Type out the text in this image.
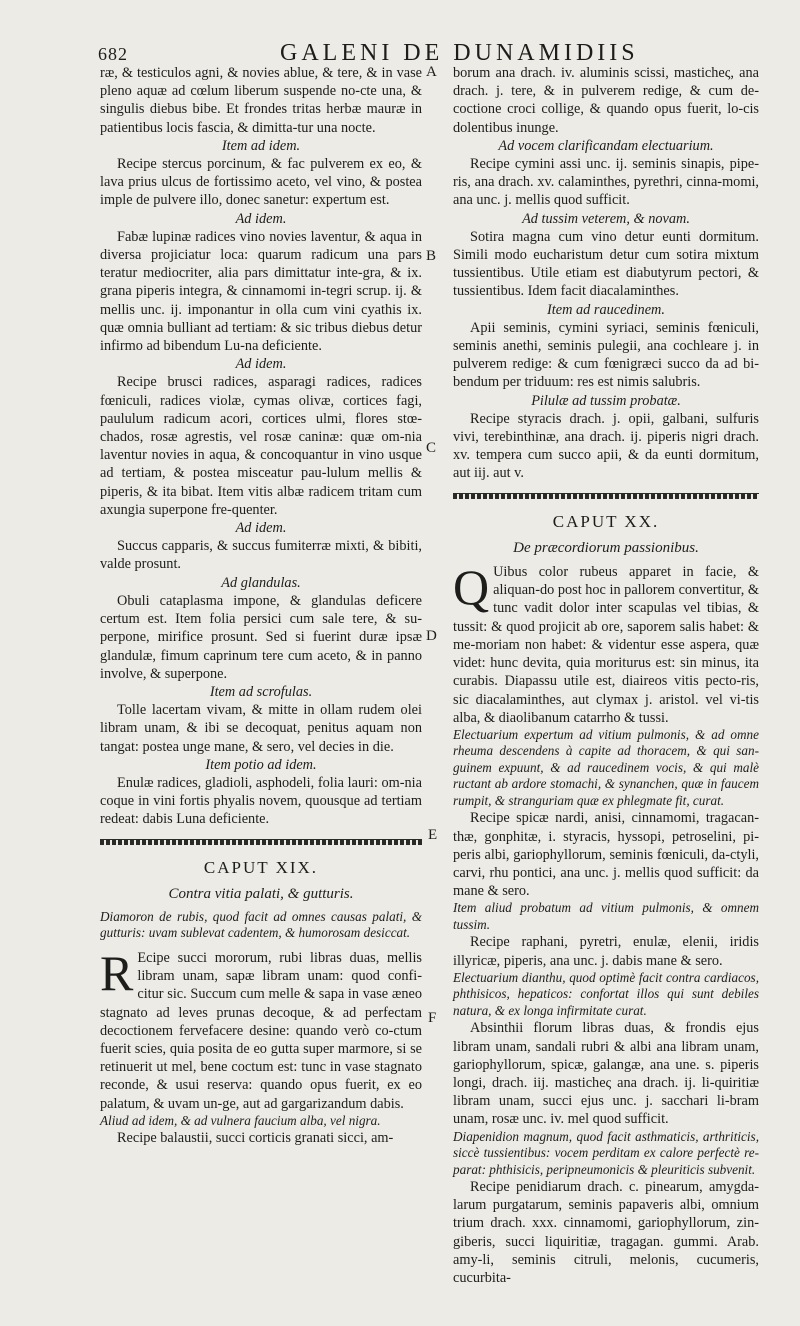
682	GALENI DE DUNAMIDIIS
A
B
C
D
E
F

ræ, & testiculos agni, & novies ablue, & tere, & in vase pleno aquæ ad cœlum liberum suspende no-cte una, & singulis diebus bibe. Et frondes tritas herbæ mauræ in patientibus locis fascia, & dimitta-tur una nocte.

Item ad idem.

Recipe stercus porcinum, & fac pulverem ex eo, & lava prius ulcus de fortissimo aceto, vel vino, & postea imple de pulvere illo, donec sanetur: expertum est.

Ad idem.

Fabæ lupinæ radices vino novies laventur, & aqua in diversa projiciatur loca: quarum radicum una pars teratur mediocriter, alia pars dimittatur inte-gra, & ix. grana piperis integra, & cinnamomi in-tegri scrup. ij. & mellis unc. ij. imponantur in olla cum vini cyathis ix. quæ omnia bulliant ad tertiam: & sic tribus diebus detur infirmo ad bibendum Lu-na deficiente.

Ad idem.

Recipe brusci radices, asparagi radices, radices fœniculi, radices violæ, cymas olivæ, cortices fagi, paululum radicum acori, cortices ulmi, flores stœ-chados, rosæ agrestis, vel rosæ caninæ: quæ om-nia laventur novies in aqua, & concoquantur in vino usque ad tertiam, & postea misceatur pau-lulum mellis & piperis, & ita bibat. Item vitis albæ radicem tritam cum axungia superpone fre-quenter.

Ad idem.

Succus capparis, & succus fumiterræ mixti, & bibiti, valde prosunt.

Ad glandulas.

Obuli cataplasma impone, & glandulas deficere certum est. Item folia persici cum sale tere, & su-perpone, mirifice prosunt. Sed si fuerint duræ ipsæ glandulæ, fimum caprinum tere cum aceto, & in panno involve, & superpone.

Item ad scrofulas.

Tolle lacertam vivam, & mitte in ollam rudem olei libram unam, & ibi se decoquat, penitus aquam non tangat: postea unge mane, & sero, vel decies in die.

Item potio ad idem.

Enulæ radices, gladioli, asphodeli, folia lauri: om-nia coque in vini fortis phyalis novem, quousque ad tertiam redeat: dabis Luna deficiente.

CAPUT XIX.
Contra vitia palati, & gutturis.

Diamoron de rubis, quod facit ad omnes causas palati, & gutturis: uvam sublevat cadentem, & humorosam desiccat.

R Ecipe succi mororum, rubi libras duas, mellis libram unam, sapæ libram unam: quod confi-citur sic. Succum cum melle & sapa in vase æneo stagnato ad leves prunas decoque, & ad perfectam decoctionem fervefacere desine: quando verò co-ctum fuerit scies, quia posita de eo gutta super marmore, si se retinuerit ut mel, bene coctum est: tunc in vase stagnato reconde, & usui reserva: quando opus fuerit, ex eo palatum, & uvam un-ge, aut ad gargarizandum dabis.

Aliud ad idem, & ad vulnera faucium alba, vel nigra.

Recipe balaustii, succi corticis granati sicci, am-

borum ana drach. iv. aluminis scissi, masticheς, ana drach. j. tere, & in pulverem redige, & cum de-coctione croci collige, & quando opus fuerit, lo-cis dolentibus inunge.

Ad vocem clarificandam electuarium.

Recipe cymini assi unc. ij. seminis sinapis, pipe-ris, ana drach. xv. calaminthes, pyrethri, cinna-momi, ana unc. j. mellis quod sufficit.

Ad tussim veterem, & novam.

Sotira magna cum vino detur eunti dormitum. Simili modo eucharistum detur cum sotira mixtum tussientibus. Utile etiam est diabutyrum pectori, & tussientibus. Idem facit diacalaminthes.

Item ad raucedinem.

Apii seminis, cymini syriaci, seminis fœniculi, seminis anethi, seminis pulegii, ana cochleare j. in pulverem redige: & cum fœnigræci succo da ad bi-bendum per triduum: res est nimis salubris.

Pilulæ ad tussim probatæ.

Recipe styracis drach. j. opii, galbani, sulfuris vivi, terebinthinæ, ana drach. ij. piperis nigri drach. xv. tempera cum succo apii, & da eunti dormitum, aut iij. aut v.

CAPUT XX.
De præcordiorum passionibus.

Q Uibus color rubeus apparet in facie, & aliquan-do post hoc in pallorem convertitur, & tunc vadit dolor inter scapulas vel tibias, & tussit: & quod projicit ab ore, saporem salis habet: & me-moriam non habet: & videntur esse aspera, quæ videt: hunc devita, quia moriturus est: sin minus, ita curabis. Diapassu utile est, diaireos vitis pecto-ris, sic diacalaminthes, aut clymax j. aristol. vel vi-tis alba, & diaolibanum catarrho & tussi.

Electuarium expertum ad vitium pulmonis, & ad omne rheuma descendens à capite ad thoracem, & qui san-guinem expuunt, & ad raucedinem vocis, & qui malè ructant ab ardore stomachi, & synanchen, quæ in faucem rumpit, & stranguriam quæ ex phlegmate fit, curat.

Recipe spicæ nardi, anisi, cinnamomi, tragacan-thæ, gonphitæ, i. styracis, hyssopi, petroselini, pi-peris albi, gariophyllorum, seminis fœniculi, da-ctyli, carvi, rhu pontici, ana unc. j. mellis quod sufficit: da mane & sero.

Item aliud probatum ad vitium pulmonis, & omnem tussim.

Recipe raphani, pyretri, enulæ, elenii, iridis illyricæ, piperis, ana unc. j. dabis mane & sero.

Electuarium dianthu, quod optimè facit contra cardiacos, phthisicos, hepaticos: confortat illos qui sunt debiles natura, & ex longa infirmitate curat.

Absinthii florum libras duas, & frondis ejus libram unam, sandali rubri & albi ana libram unam, gariophyllorum, spicæ, galangæ, ana une. s. piperis longi, drach. iij. masticheς ana drach. ij. li-quiritiæ libram unam, succi ejus unc. j. sacchari li-bram unam, rosæ unc. iv. mel quod sufficit.

Diapenidion magnum, quod facit asthmaticis, arthriticis, siccè tussientibus: vocem perditam ex calore perfectè re-parat: phthisicis, peripneumonicis & pleuriticis subvenit.

Recipe penidiarum drach. c. pinearum, amygda-larum purgatarum, seminis papaveris albi, omnium trium drach. xxx. cinnamomi, gariophyllorum, zin-giberis, succi liquiritiæ, tragagan. gummi. Arab. amy-li, seminis citruli, melonis, cucumeris, cucurbita-
